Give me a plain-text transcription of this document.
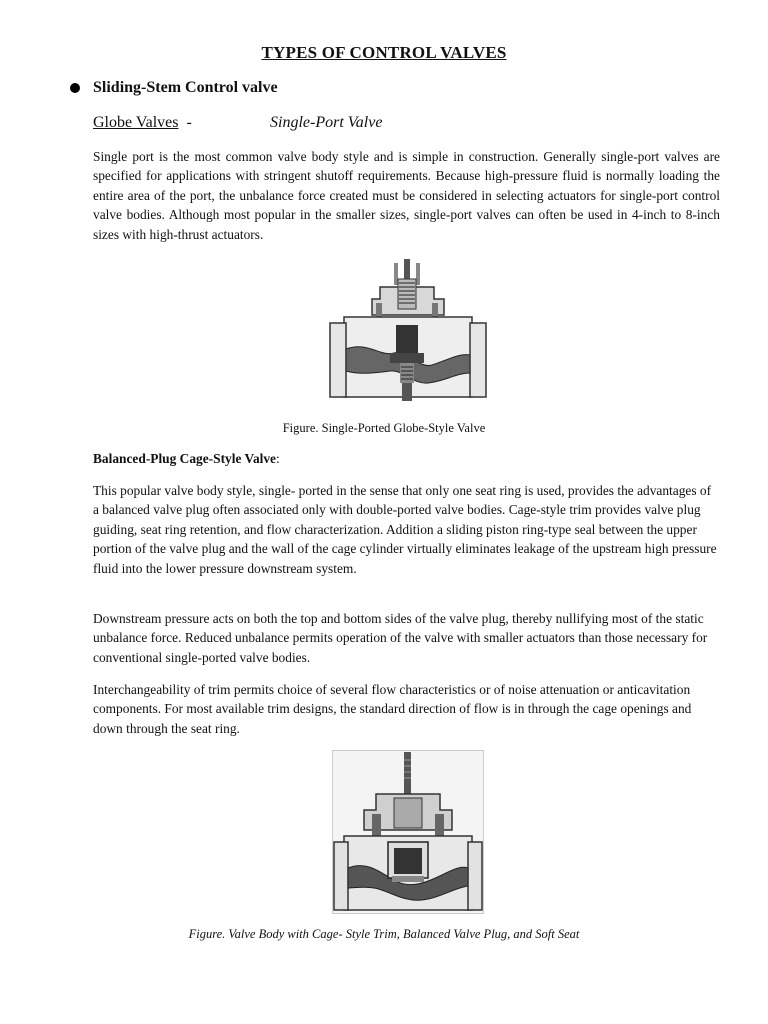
TYPES OF CONTROL VALVES
Sliding-Stem Control valve
Globe Valves -	Single-Port Valve

Single port is the most common valve body style and is simple in construction. Generally single-port valves are specified for applications with stringent shutoff requirements. Because high-pressure fluid is normally loading the entire area of the port, the unbalance force created must be considered in selecting actuators for single-port control valve bodies. Although most popular in the smaller sizes, single-port valves can often be used in 4-inch to 8-inch sizes with high-thrust actuators.

Figure. Single-Ported Globe-Style Valve
Balanced-Plug Cage-Style Valve:

This popular valve body style, single- ported in the sense that only one seat ring is used, provides the advantages of a balanced valve plug often associated only with double-ported valve bodies. Cage-style trim provides valve plug guiding, seat ring retention, and flow characterization. Addition a sliding piston ring-type seal between the upper portion of the valve plug and the wall of the cage cylinder virtually eliminates leakage of the upstream high pressure fluid into the lower pressure downstream system.

Downstream pressure acts on both the top and bottom sides of the valve plug, thereby nullifying most of the static unbalance force. Reduced unbalance permits operation of the valve with smaller actuators than those necessary for conventional single-ported valve bodies.

Interchangeability of trim permits choice of several flow characteristics or of noise attenuation or anticavitation components. For most available trim designs, the standard direction of flow is in through the cage openings and down through the seat ring.

Figure. Valve Body with Cage- Style Trim, Balanced Valve Plug, and Soft Seat
